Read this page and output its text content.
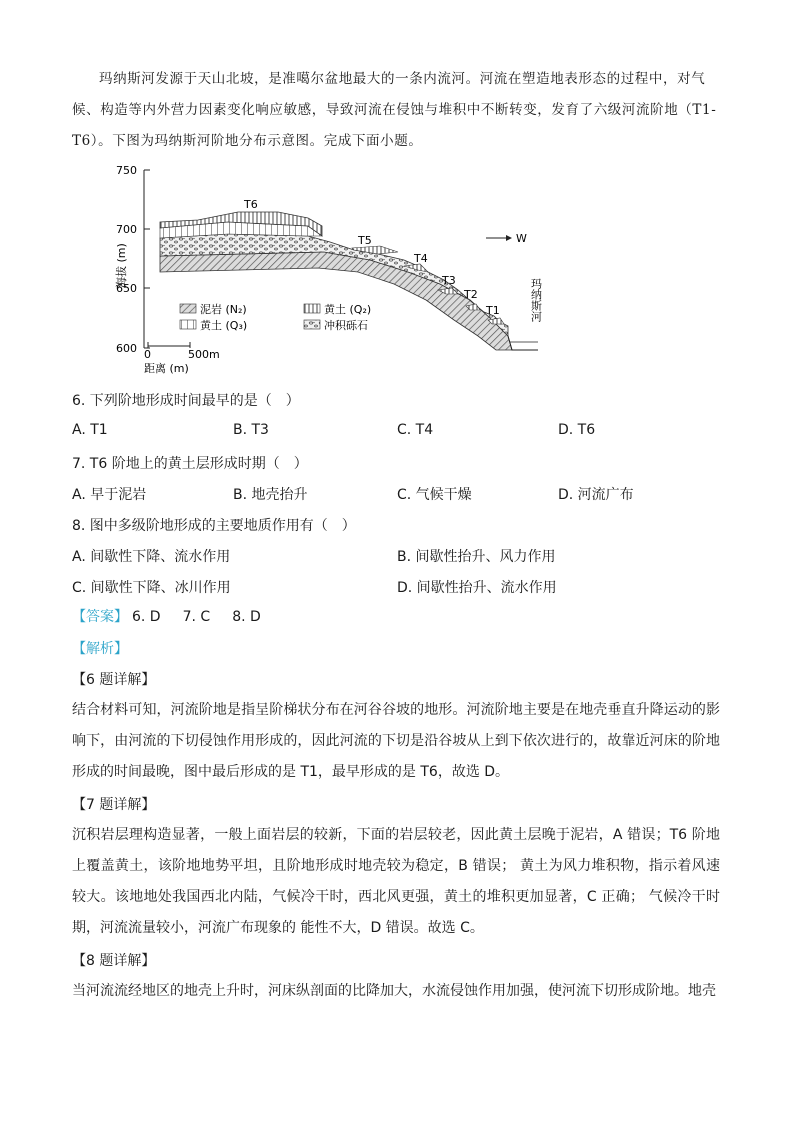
玛纳斯河发源于天山北坡，是准噶尔盆地最大的一条内流河。河流在塑造地表形态的过程中，对气候、构造等内外营力因素变化响应敏感，导致河流在侵蚀与堆积中不断转变，发育了六级河流阶地（T1-T6）。下图为玛纳斯河阶地分布示意图。完成下面小题。

750
700
650
600
海拔 (m)
0	500m
距离 (m)
T6
T5
T4
T3
T2
T1
W
玛纳斯河
泥岩 (N₂)	黄土 (Q₂)
黄土 (Q₃)	冲积砾石
6. 下列阶地形成时间最早的是（　）
A. T1	B. T3	C. T4	D. T6
7. T6 阶地上的黄土层形成时期（　）
A. 早于泥岩	B. 地壳抬升	C. 气候干燥	D. 河流广布
8. 图中多级阶地形成的主要地质作用有（　）
A. 间歇性下降、流水作用	B. 间歇性抬升、风力作用
C. 间歇性下降、冰川作用	D. 间歇性抬升、流水作用
【答案】 6. D 7. C 8. D
【解析】
【6 题详解】

结合材料可知，河流阶地是指呈阶梯状分布在河谷谷坡的地形。河流阶地主要是在地壳垂直升降运动的影响下，由河流的下切侵蚀作用形成的，因此河流的下切是沿谷坡从上到下依次进行的，故靠近河床的阶地形成的时间最晚，图中最后形成的是 T1，最早形成的是 T6，故选 D。

【7 题详解】

沉积岩层理构造显著，一般上面岩层的较新，下面的岩层较老，因此黄土层晚于泥岩，A 错误；T6 阶地上覆盖黄土，该阶地地势平坦，且阶地形成时地壳较为稳定，B 错误； 黄土为风力堆积物，指示着风速较大。该地地处我国西北内陆，气候冷干时，西北风更强，黄土的堆积更加显著，C 正确； 气候冷干时期，河流流量较小，河流广布现象的 能性不大，D 错误。故选 C。

【8 题详解】

当河流流经地区的地壳上升时，河床纵剖面的比降加大，水流侵蚀作用加强，使河流下切形成阶地。地壳
